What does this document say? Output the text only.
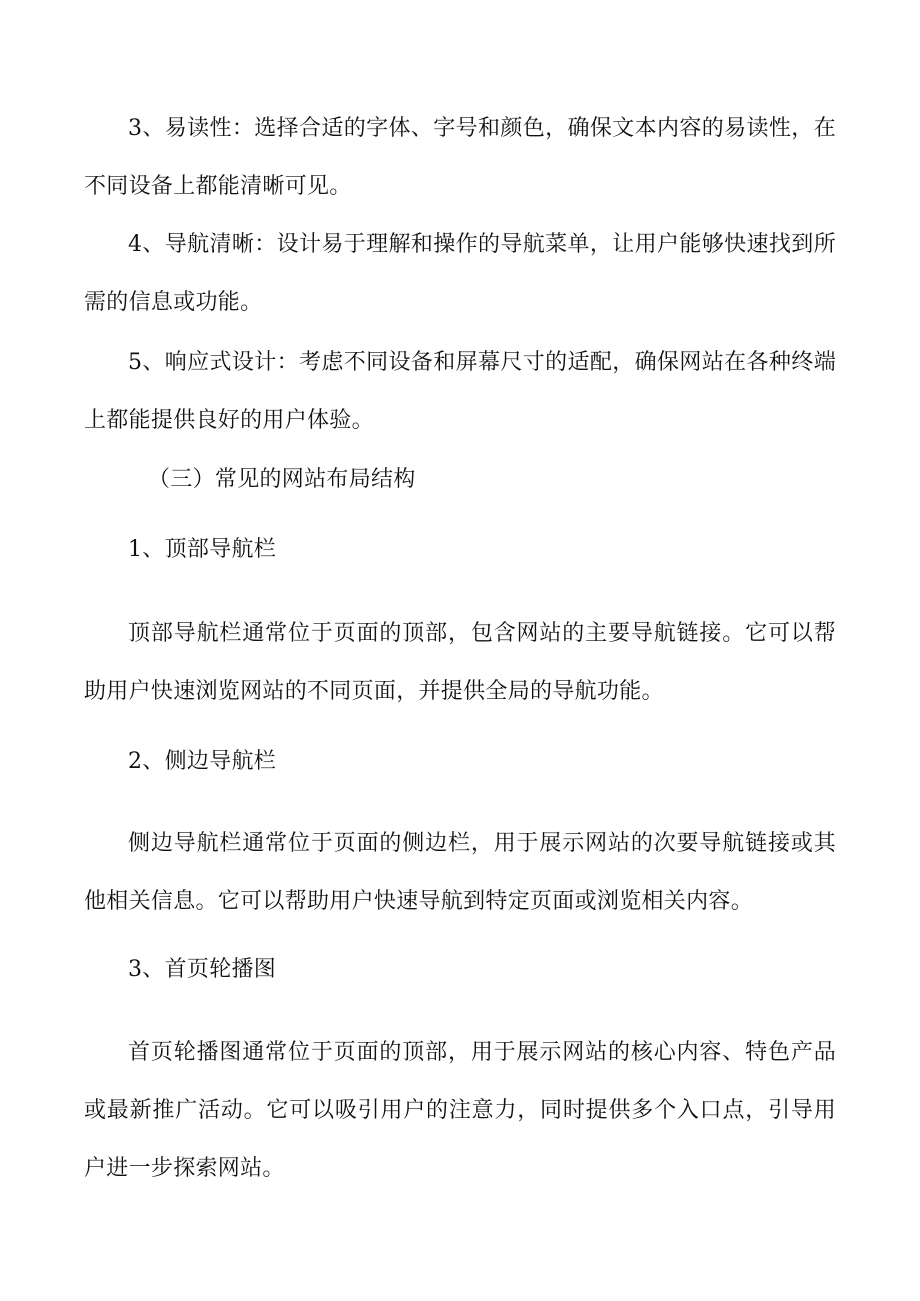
3、易读性：选择合适的字体、字号和颜色，确保文本内容的易读性，在不同设备上都能清晰可见。

4、导航清晰：设计易于理解和操作的导航菜单，让用户能够快速找到所需的信息或功能。

5、响应式设计：考虑不同设备和屏幕尺寸的适配，确保网站在各种终端上都能提供良好的用户体验。

（三）常见的网站布局结构

1、顶部导航栏

顶部导航栏通常位于页面的顶部，包含网站的主要导航链接。它可以帮助用户快速浏览网站的不同页面，并提供全局的导航功能。

2、侧边导航栏

侧边导航栏通常位于页面的侧边栏，用于展示网站的次要导航链接或其他相关信息。它可以帮助用户快速导航到特定页面或浏览相关内容。

3、首页轮播图

首页轮播图通常位于页面的顶部，用于展示网站的核心内容、特色产品或最新推广活动。它可以吸引用户的注意力，同时提供多个入口点，引导用户进一步探索网站。
